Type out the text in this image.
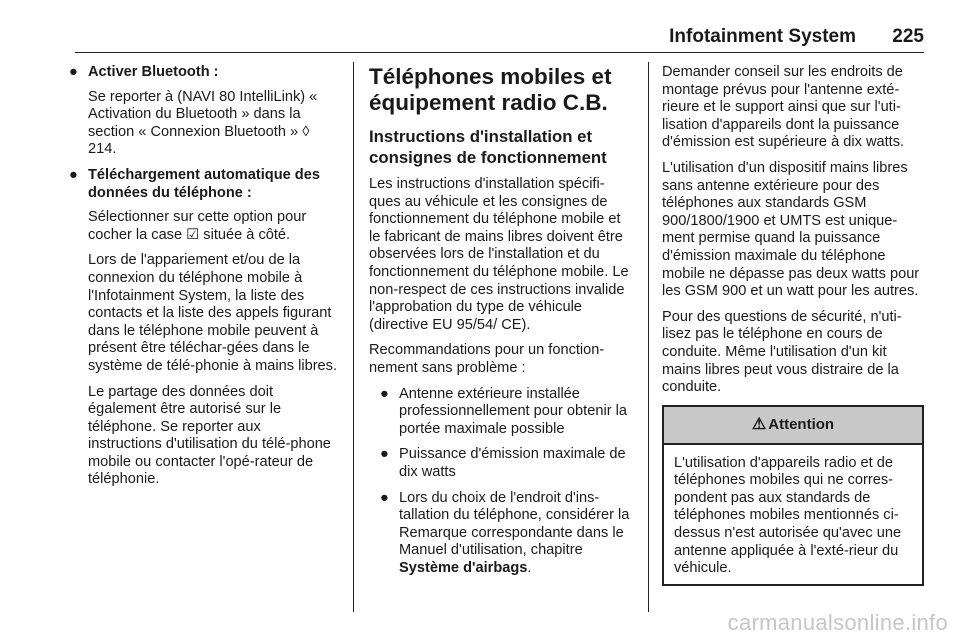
Infotainment System 225
● Activer Bluetooth :

Se reporter à (NAVI 80 IntelliLink) « Activation du Bluetooth » dans la section « Connexion Bluetooth » ◊ 214.

● Téléchargement automatique des données du téléphone :

Sélectionner sur cette option pour cocher la case ☑ située à côté.

Lors de l'appariement et/ou de la connexion du téléphone mobile à l'Infotainment System, la liste des contacts et la liste des appels figurant dans le téléphone mobile peuvent à présent être téléchar-gées dans le système de télé-phonie à mains libres.

Le partage des données doit également être autorisé sur le téléphone. Se reporter aux instructions d'utilisation du télé-phone mobile ou contacter l'opé-rateur de téléphonie.

Téléphones mobiles et équipement radio C.B.
Instructions d'installation et consignes de fonctionnement

Les instructions d'installation spécifi-ques au véhicule et les consignes de fonctionnement du téléphone mobile et le fabricant de mains libres doivent être observées lors de l'installation et du fonctionnement du téléphone mobile. Le non-respect de ces instructions invalide l'approbation du type de véhicule (directive EU 95/54/ CE).

Recommandations pour un fonction-nement sans problème :

● Antenne extérieure installée professionnellement pour obtenir la portée maximale possible
● Puissance d'émission maximale de dix watts
● Lors du choix de l'endroit d'ins-tallation du téléphone, considérer la Remarque correspondante dans le Manuel d'utilisation, chapitre Système d'airbags.

Demander conseil sur les endroits de montage prévus pour l'antenne exté-rieure et le support ainsi que sur l'uti-lisation d'appareils dont la puissance d'émission est supérieure à dix watts.

L'utilisation d'un dispositif mains libres sans antenne extérieure pour des téléphones aux standards GSM 900/1800/1900 et UMTS est unique-ment permise quand la puissance d'émission maximale du téléphone mobile ne dépasse pas deux watts pour les GSM 900 et un watt pour les autres.

Pour des questions de sécurité, n'uti-lisez pas le téléphone en cours de conduite. Même l'utilisation d'un kit mains libres peut vous distraire de la conduite.

⚠ Attention
L'utilisation d'appareils radio et de téléphones mobiles qui ne corres-pondent pas aux standards de téléphones mobiles mentionnés ci-dessus n'est autorisée qu'avec une antenne appliquée à l'exté-rieur du véhicule.
carmanualsonline.info
